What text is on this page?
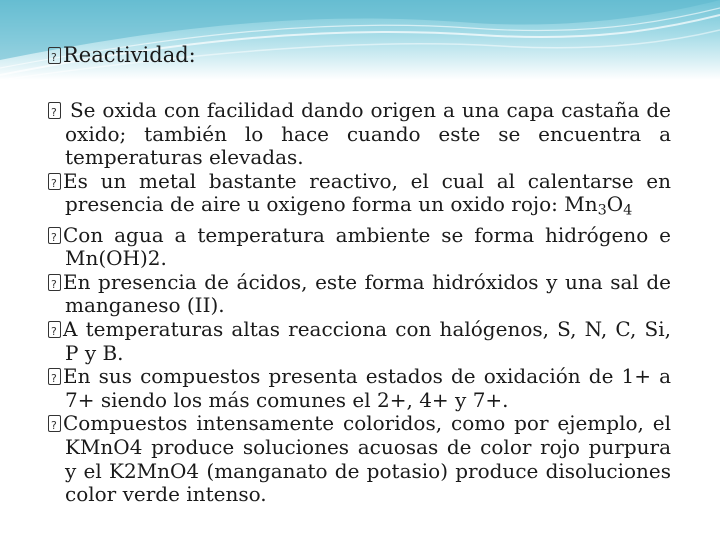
?Reactividad:

? Se oxida con facilidad dando origen a una capa castaña de oxido; también lo hace cuando este se encuentra a temperaturas elevadas.

?Es un metal bastante reactivo, el cual al calentarse en presencia de aire u oxigeno forma un oxido rojo: $Mn_3O_4$

?Con agua a temperatura ambiente se forma hidrógeno e Mn(OH)2.

?En presencia de ácidos, este forma hidróxidos y una sal de manganeso (II).

?A temperaturas altas reacciona con halógenos, S, N, C, Si, P y B.

?En sus compuestos presenta estados de oxidación de 1+ a 7+ siendo los más comunes el 2+, 4+ y 7+.

?Compuestos intensamente coloridos, como por ejemplo, el KMnO4 produce soluciones acuosas de color rojo purpura y el K2MnO4 (manganato de potasio) produce disoluciones color verde intenso.
